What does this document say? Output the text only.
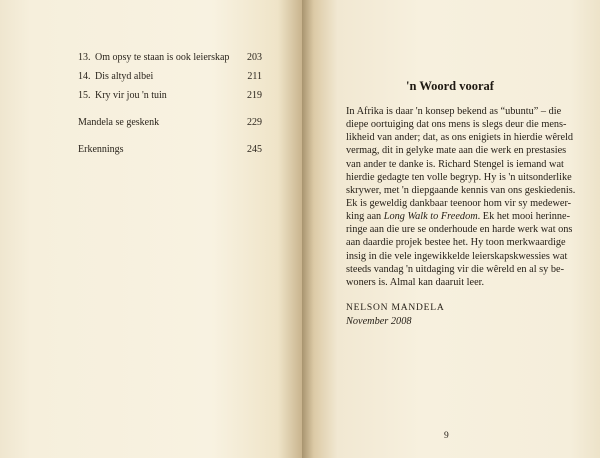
13. Om opsy te staan is ook leierskap 203
14. Dis altyd albei	211
15. Kry vir jou 'n tuin	219
Mandela se geskenk	229
Erkennings	245
'n Woord vooraf
In Afrika is daar 'n konsep bekend as “ubuntu” – die
diepe oortuiging dat ons mens is slegs deur die mens-
likheid van ander; dat, as ons enigiets in hierdie wêreld
vermag, dit in gelyke mate aan die werk en prestasies
van ander te danke is. Richard Stengel is iemand wat
hierdie gedagte ten volle begryp. Hy is 'n uitsonderlike
skrywer, met 'n diepgaande kennis van ons geskiedenis.
Ek is geweldig dankbaar teenoor hom vir sy medewer-
king aan Long Walk to Freedom . Ek het mooi herinne-
ringe aan die ure se onderhoude en harde werk wat ons
aan daardie projek bestee het. Hy toon merkwaardige
insig in die vele ingewikkelde leierskapskwessies wat
steeds vandag 'n uitdaging vir die wêreld en al sy be-
woners is. Almal kan daaruit leer.
NELSON MANDELA
November 2008
9
